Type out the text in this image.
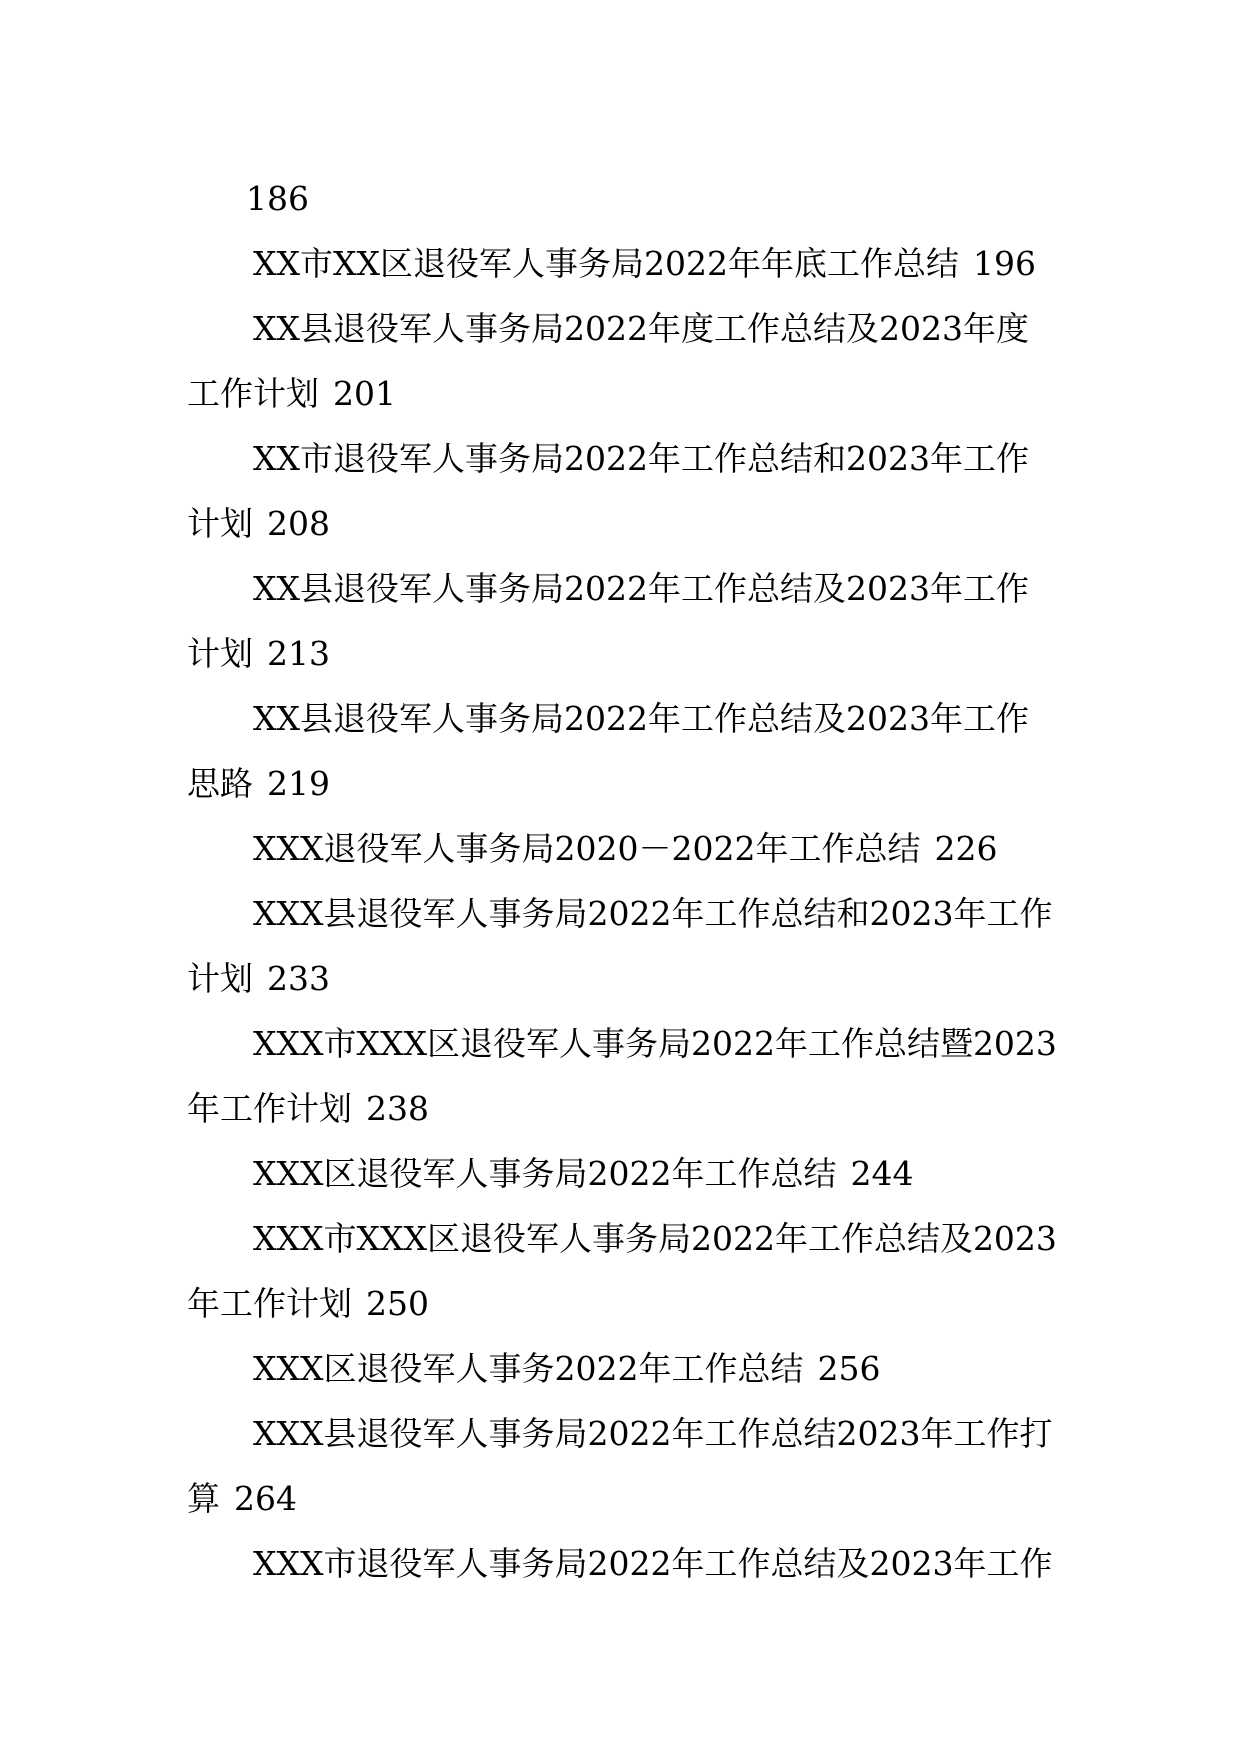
186
XX市XX区退役军人事务局2022年年底工作总结 196
XX县退役军人事务局2022年度工作总结及2023年度工作计划 201
XX市退役军人事务局2022年工作总结和2023年工作计划 208
XX县退役军人事务局2022年工作总结及2023年工作计划 213
XX县退役军人事务局2022年工作总结及2023年工作思路 219
XXX退役军人事务局2020－2022年工作总结 226
XXX县退役军人事务局2022年工作总结和2023年工作计划 233
XXX市XXX区退役军人事务局2022年工作总结暨2023年工作计划 238
XXX区退役军人事务局2022年工作总结 244
XXX市XXX区退役军人事务局2022年工作总结及2023年工作计划 250
XXX区退役军人事务2022年工作总结 256
XXX县退役军人事务局2022年工作总结2023年工作打算 264
XXX市退役军人事务局2022年工作总结及2023年工作
